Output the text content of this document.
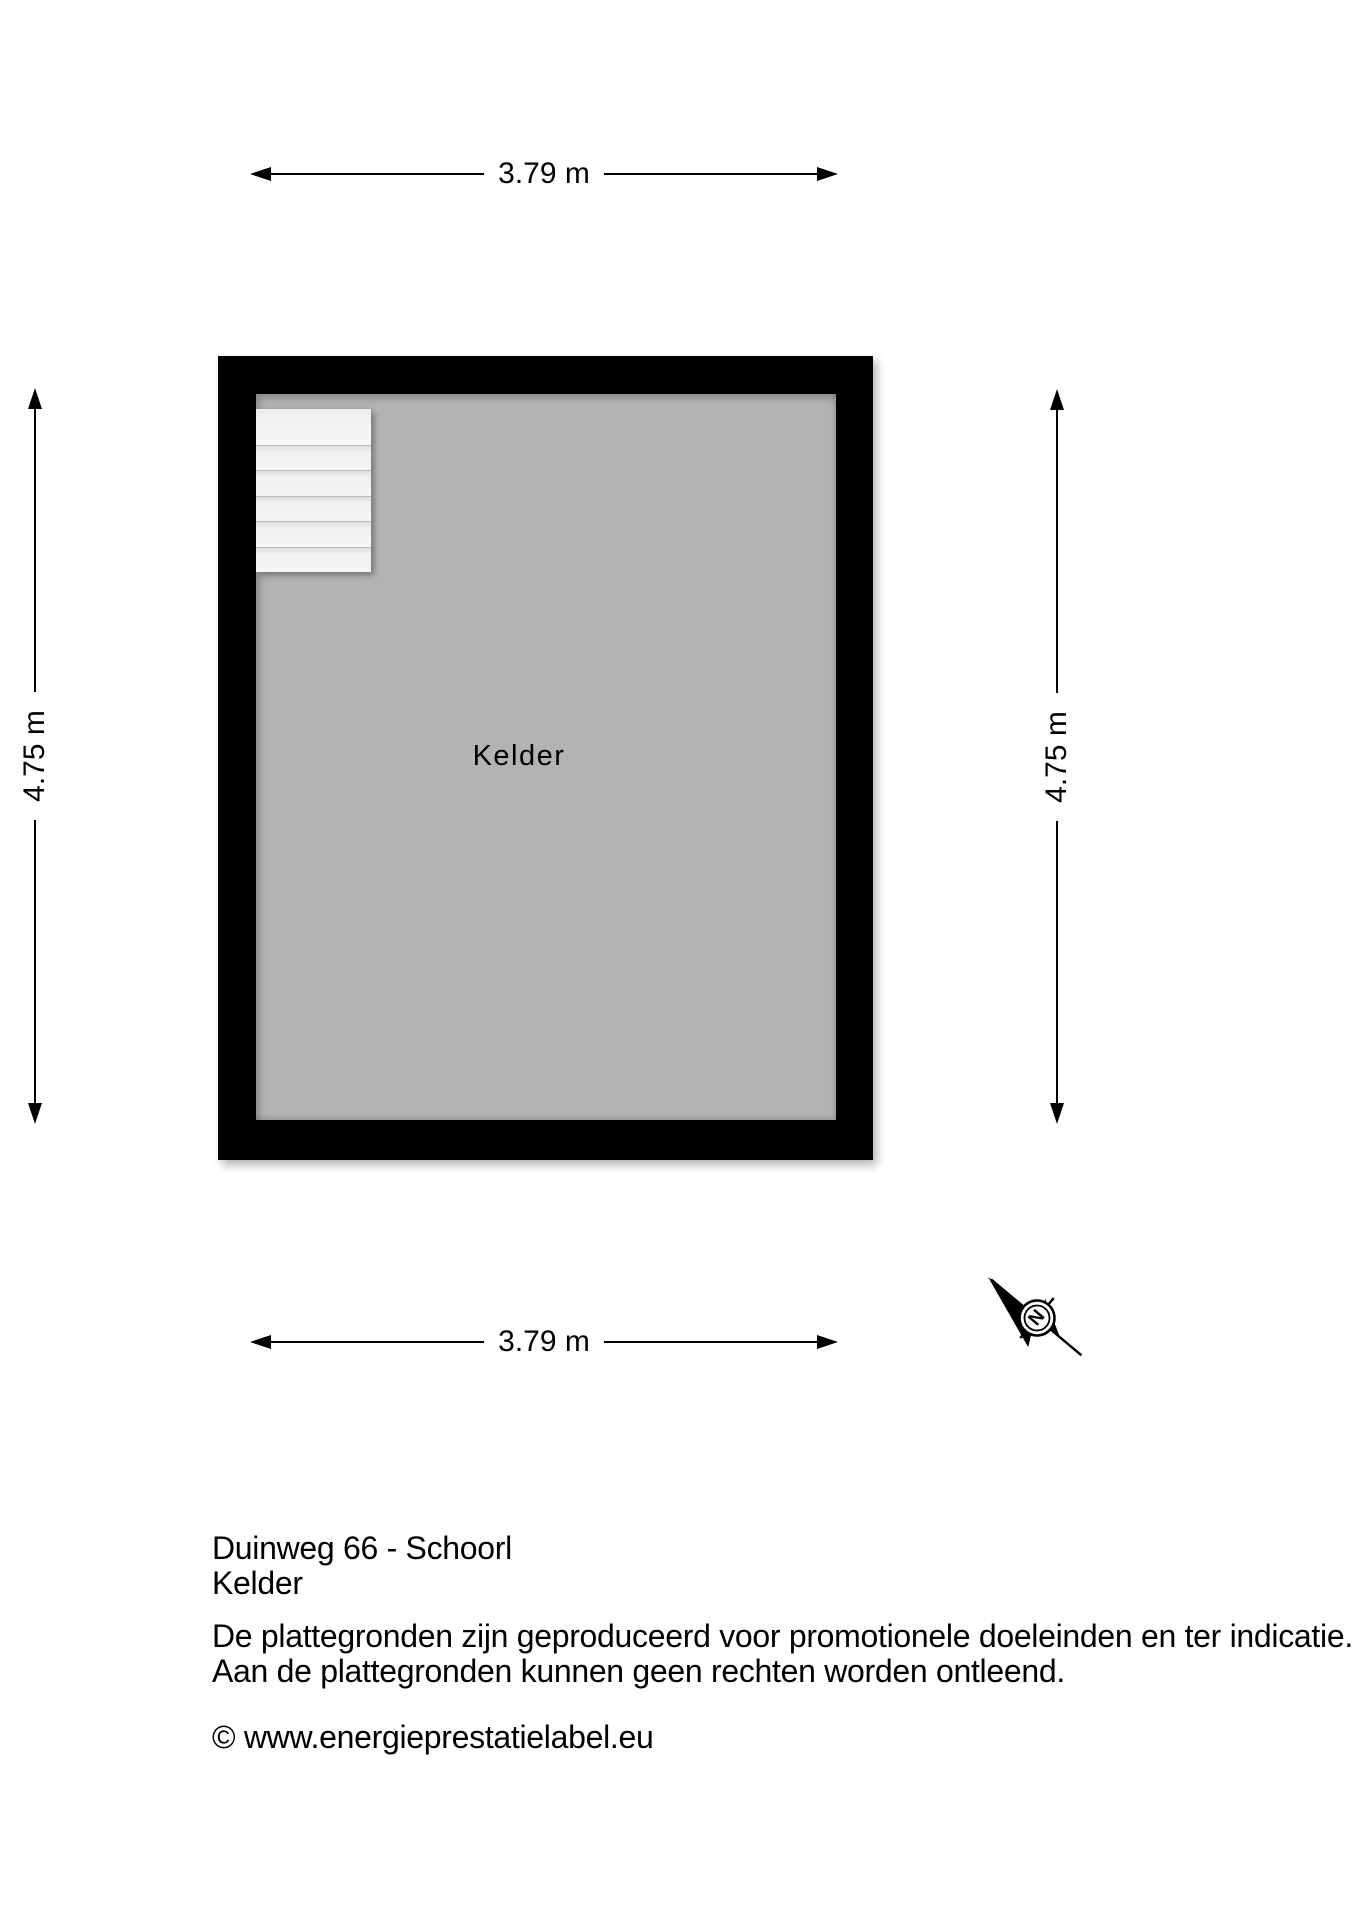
3.79 m
4.75 m	4.75 m
Kelder
3.79 m
N
Duinweg 66 - Schoorl
Kelder
De plattegronden zijn geproduceerd voor promotionele doeleinden en ter indicatie.
Aan de plattegronden kunnen geen rechten worden ontleend.
© www.energieprestatielabel.eu
